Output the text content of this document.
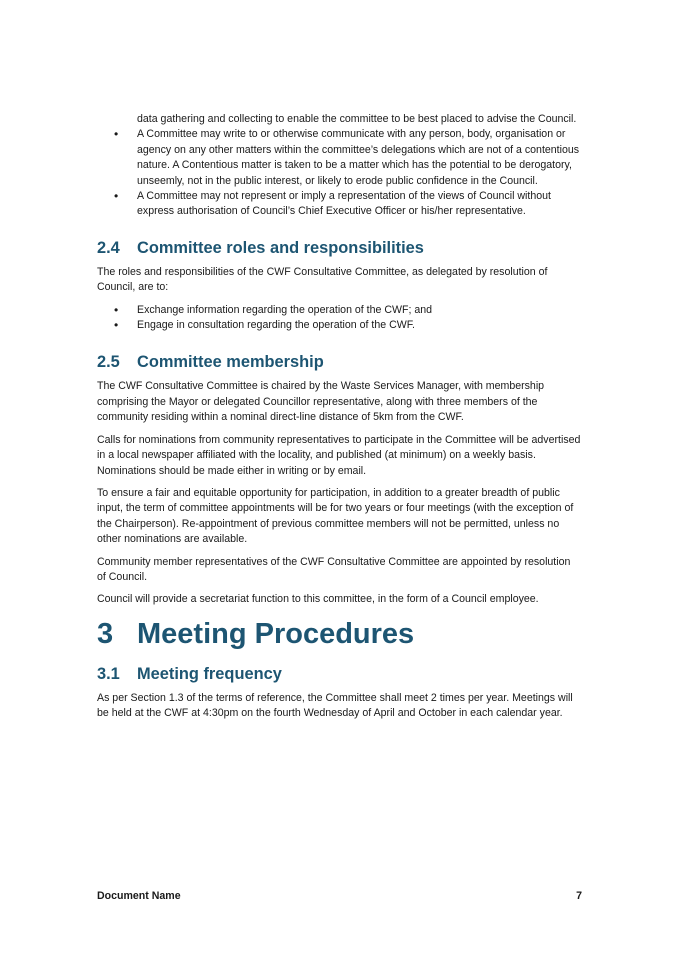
data gathering and collecting to enable the committee to be best placed to advise the Council.

• A Committee may write to or otherwise communicate with any person, body, organisation or agency on any other matters within the committee’s delegations which are not of a contentious nature. A Contentious matter is taken to be a matter which has the potential to be derogatory, unseemly, not in the public interest, or likely to erode public confidence in the Council.
• A Committee may not represent or imply a representation of the views of Council without express authorisation of Council’s Chief Executive Officer or his/her representative.
2.4	Committee roles and responsibilities

The roles and responsibilities of the CWF Consultative Committee, as delegated by resolution of Council, are to:

• Exchange information regarding the operation of the CWF; and
• Engage in consultation regarding the operation of the CWF.
2.5	Committee membership

The CWF Consultative Committee is chaired by the Waste Services Manager, with membership comprising the Mayor or delegated Councillor representative, along with three members of the community residing within a nominal direct-line distance of 5km from the CWF.

Calls for nominations from community representatives to participate in the Committee will be advertised in a local newspaper affiliated with the locality, and published (at minimum) on a weekly basis. Nominations should be made either in writing or by email.

To ensure a fair and equitable opportunity for participation, in addition to a greater breadth of public input, the term of committee appointments will be for two years or four meetings (with the exception of the Chairperson). Re-appointment of previous committee members will not be permitted, unless no other nominations are available.

Community member representatives of the CWF Consultative Committee are appointed by resolution of Council.

Council will provide a secretariat function to this committee, in the form of a Council employee.

3 Meeting Procedures
3.1	Meeting frequency

As per Section 1.3 of the terms of reference, the Committee shall meet 2 times per year. Meetings will be held at the CWF at 4:30pm on the fourth Wednesday of April and October in each calendar year.

Document Name	7
